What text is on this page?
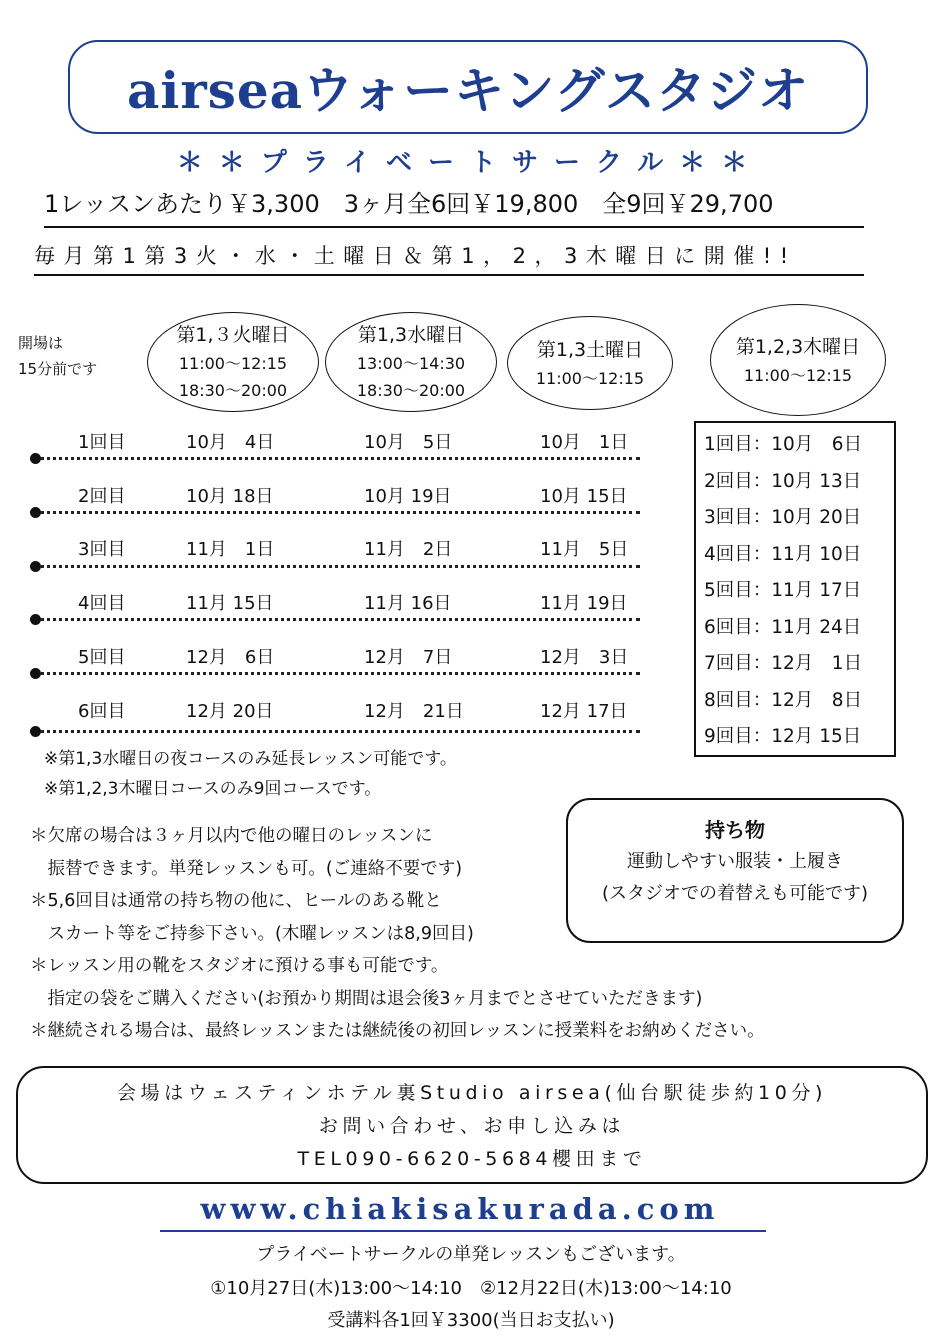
airseaウォーキングスタジオ
＊＊プライベートサークル＊＊
1レッスンあたり￥3,300　3ヶ月全6回￥19,800　全9回￥29,700
毎月第1第3火・水・土曜日＆第1，2，3木曜日に開催!!
開場は
15分前です
第1,３火曜日
11:00〜12:15
18:30〜20:00
第1,3水曜日
13:00〜14:30
18:30〜20:00
第1,3土曜日
11:00〜12:15
第1,2,3木曜日
11:00〜12:15
1回目	10月　4日	10月　5日	10月　1日
2回目	10月 18日	10月 19日	10月 15日
3回目	11月　1日	11月　2日	11月　5日
4回目	11月 15日	11月 16日	11月 19日
5回目	12月　6日	12月　7日	12月　3日
6回目	12月 20日	12月　21日	12月 17日
1回目：10月　6日
2回目：10月 13日
3回目：10月 20日
4回目：11月 10日
5回目：11月 17日
6回目：11月 24日
7回目：12月　1日
8回目：12月　8日
9回目：12月 15日
※第1,3水曜日の夜コースのみ延長レッスン可能です。
※第1,2,3木曜日コースのみ9回コースです。
持ち物
運動しやすい服装・上履き
(スタジオでの着替えも可能です)
＊欠席の場合は３ヶ月以内で他の曜日のレッスンに
　振替できます。単発レッスンも可。(ご連絡不要です)
＊5,6回目は通常の持ち物の他に、ヒールのある靴と
　スカート等をご持参下さい。(木曜レッスンは8,9回目)
＊レッスン用の靴をスタジオに預ける事も可能です。
　指定の袋をご購入ください(お預かり期間は退会後3ヶ月までとさせていただきます)
＊継続される場合は、最終レッスンまたは継続後の初回レッスンに授業料をお納めください。
会場はウェスティンホテル裏Studio airsea(仙台駅徒歩約10分)
お問い合わせ、お申し込みは
TEL090-6620-5684櫻田まで
www.chiakisakurada.com
プライベートサークルの単発レッスンもございます。
①10月27日(木)13:00〜14:10　②12月22日(木)13:00〜14:10
受講料各1回￥3300(当日お支払い)
